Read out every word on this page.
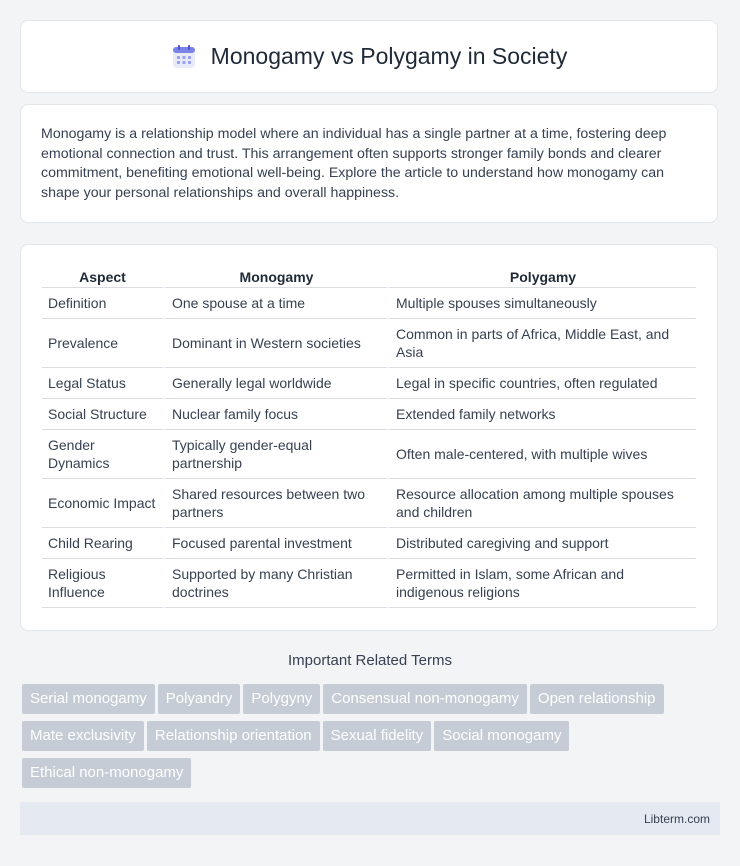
Monogamy vs Polygamy in Society

Monogamy is a relationship model where an individual has a single partner at a time, fostering deep emotional connection and trust. This arrangement often supports stronger family bonds and clearer commitment, benefiting emotional well-being. Explore the article to understand how monogamy can shape your personal relationships and overall happiness.

Aspect	Monogamy	Polygamy
Definition	One spouse at a time	Multiple spouses simultaneously
Prevalence	Dominant in Western societies	Common in parts of Africa, Middle East, and Asia
Legal Status	Generally legal worldwide	Legal in specific countries, often regulated
Social Structure	Nuclear family focus	Extended family networks
Gender Dynamics	Typically gender-equal partnership	Often male-centered, with multiple wives
Economic Impact	Shared resources between two partners	Resource allocation among multiple spouses and children
Child Rearing	Focused parental investment	Distributed caregiving and support
Religious Influence	Supported by many Christian doctrines	Permitted in Islam, some African and indigenous religions
Important Related Terms
Serial monogamy Polyandry Polygyny Consensual non-monogamy Open relationship
Mate exclusivity Relationship orientation Sexual fidelity Social monogamy
Ethical non-monogamy
Libterm.com
